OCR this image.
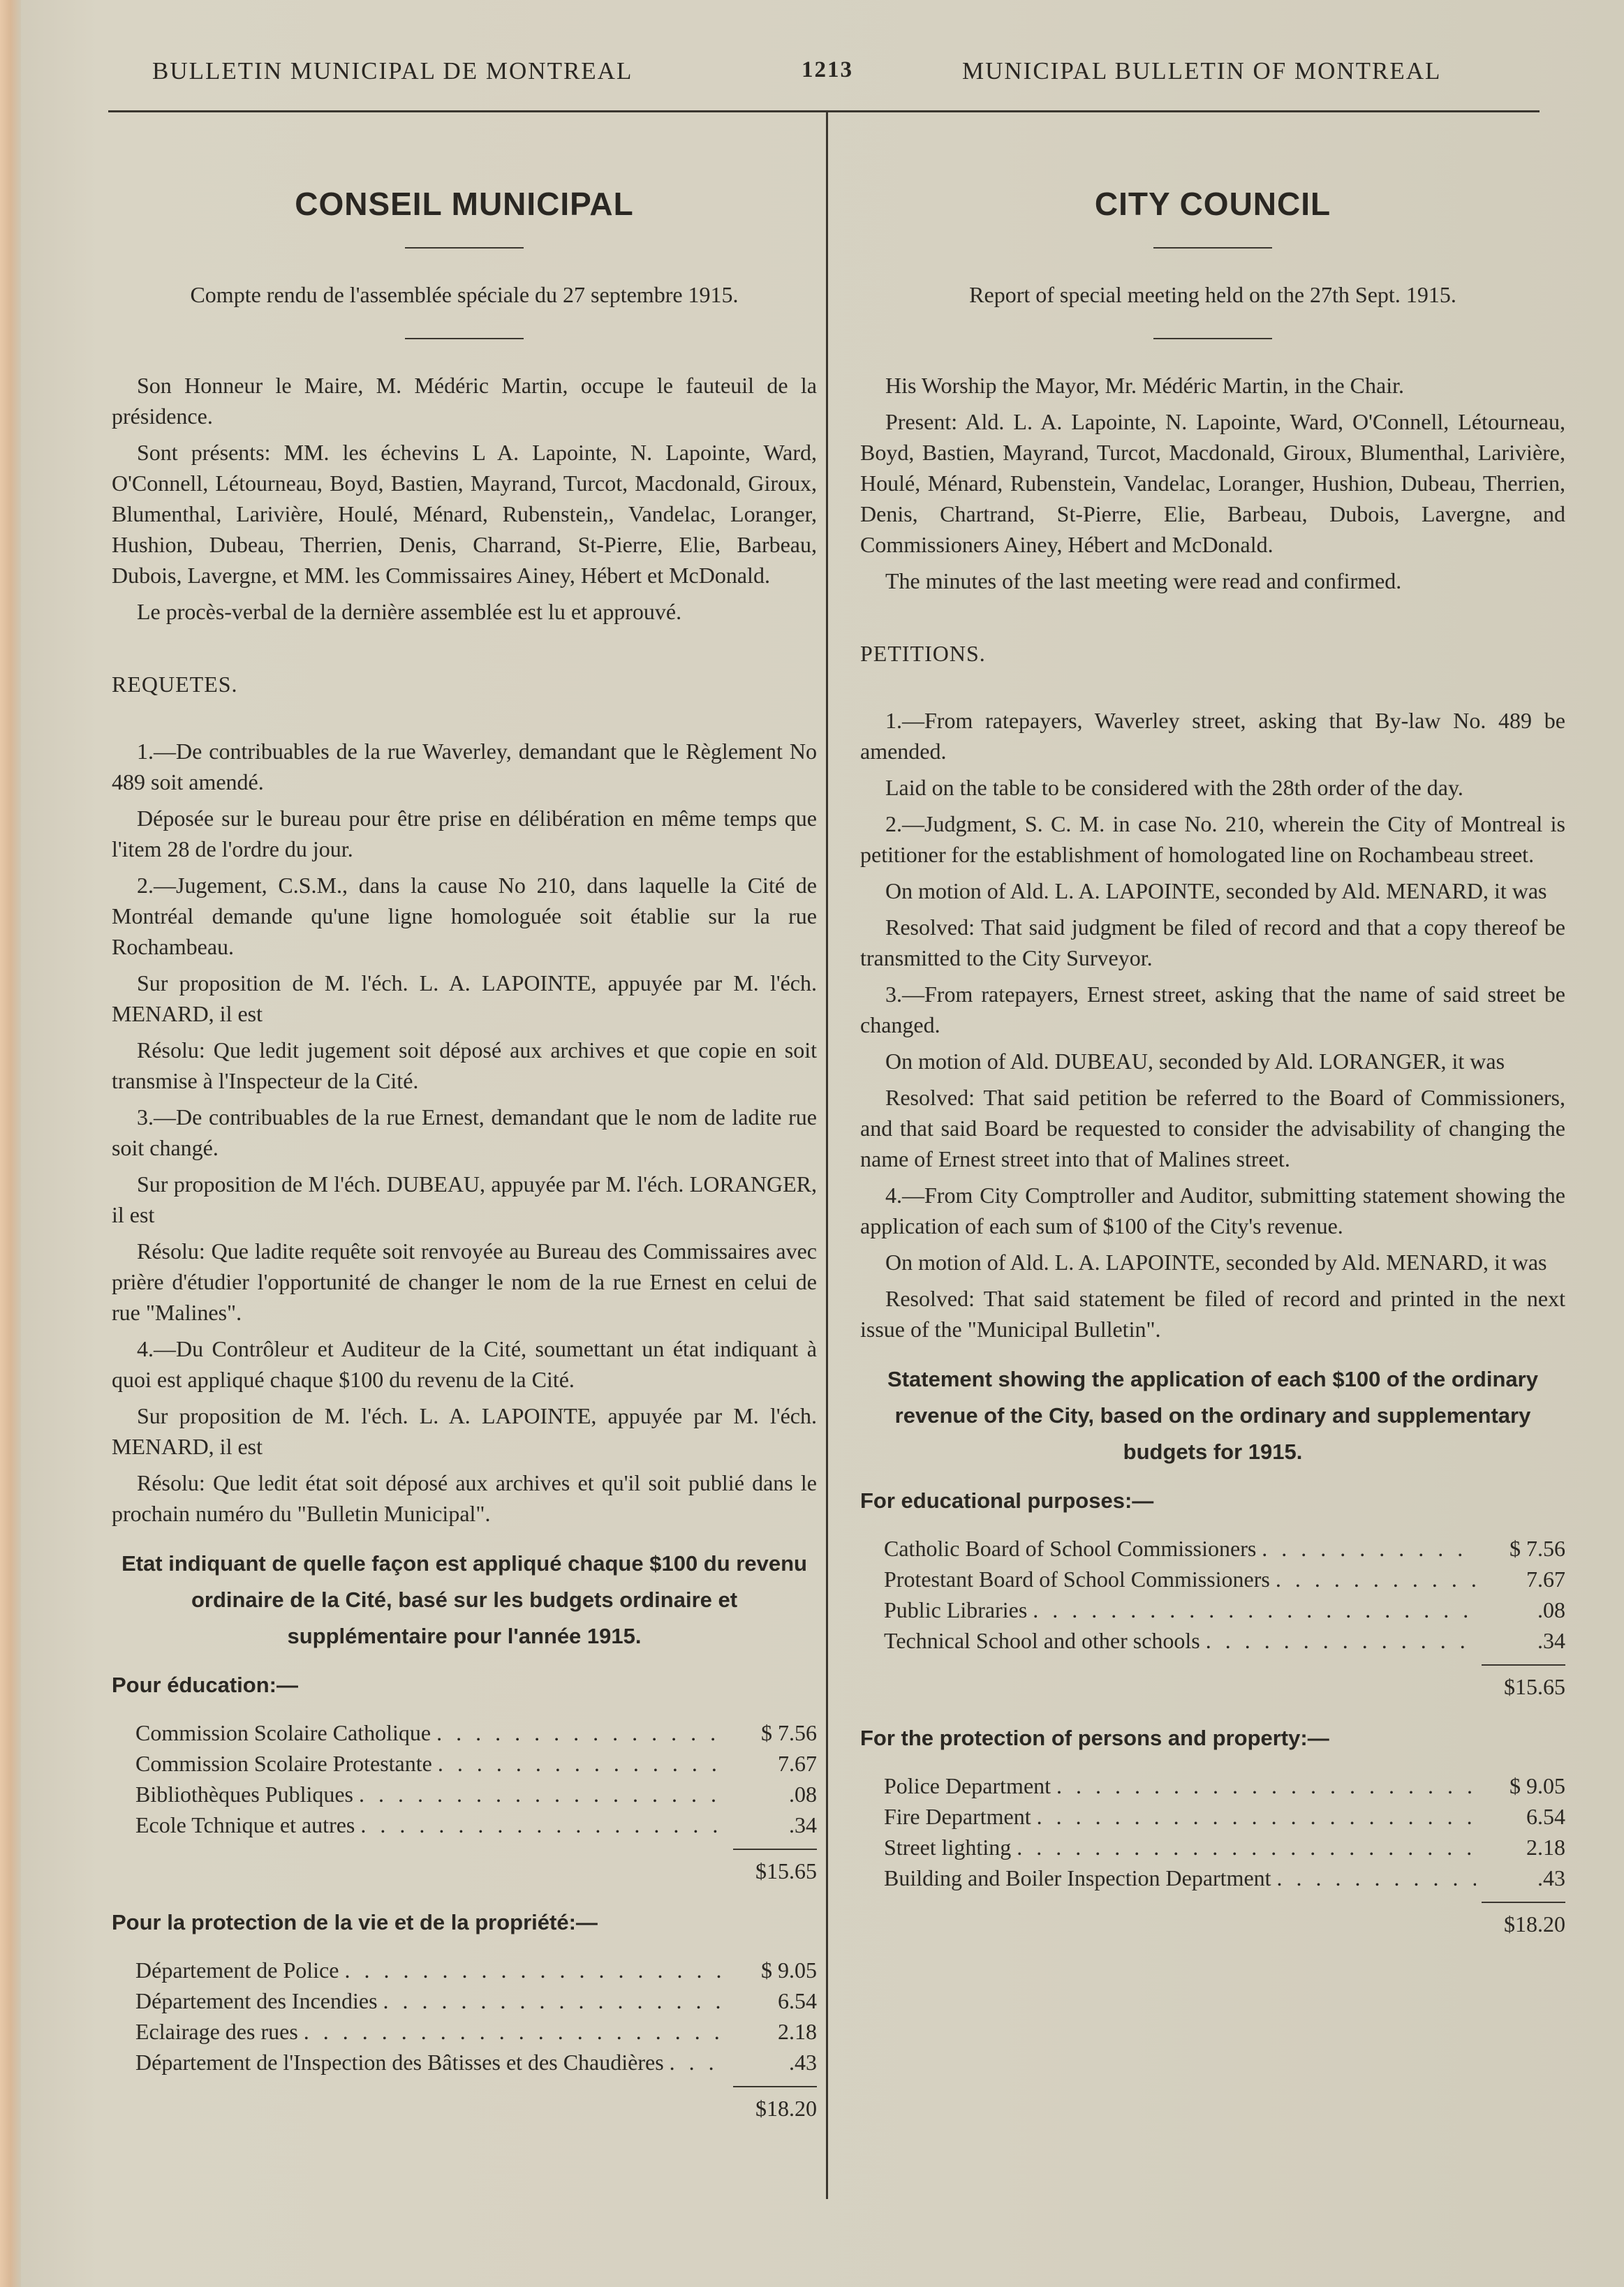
BULLETIN MUNICIPAL DE MONTREAL	1213	MUNICIPAL BULLETIN OF MONTREAL
CONSEIL MUNICIPAL

Compte rendu de l'assemblée spéciale du 27 septembre 1915.

Son Honneur le Maire, M. Médéric Martin, occupe le fauteuil de la présidence.

Sont présents: MM. les échevins L A. Lapointe, N. Lapointe, Ward, O'Connell, Létourneau, Boyd, Bastien, Mayrand, Turcot, Macdonald, Giroux, Blumenthal, Larivière, Houlé, Ménard, Rubenstein,, Vandelac, Loranger, Hushion, Dubeau, Therrien, Denis, Charrand, St-Pierre, Elie, Barbeau, Dubois, Lavergne, et MM. les Commissaires Ainey, Hébert et McDonald.

Le procès-verbal de la dernière assemblée est lu et approuvé.

REQUETES.

1.—De contribuables de la rue Waverley, demandant que le Règlement No 489 soit amendé.

Déposée sur le bureau pour être prise en délibération en même temps que l'item 28 de l'ordre du jour.

2.—Jugement, C.S.M., dans la cause No 210, dans laquelle la Cité de Montréal demande qu'une ligne homologuée soit établie sur la rue Rochambeau.

Sur proposition de M. l'éch. L. A. LAPOINTE, appuyée par M. l'éch. MENARD, il est

Résolu: Que ledit jugement soit déposé aux archives et que copie en soit transmise à l'Inspecteur de la Cité.

3.—De contribuables de la rue Ernest, demandant que le nom de ladite rue soit changé.

Sur proposition de M l'éch. DUBEAU, appuyée par M. l'éch. LORANGER, il est

Résolu: Que ladite requête soit renvoyée au Bureau des Commissaires avec prière d'étudier l'opportunité de changer le nom de la rue Ernest en celui de rue "Malines".

4.—Du Contrôleur et Auditeur de la Cité, soumettant un état indiquant à quoi est appliqué chaque $100 du revenu de la Cité.

Sur proposition de M. l'éch. L. A. LAPOINTE, appuyée par M. l'éch. MENARD, il est

Résolu: Que ledit état soit déposé aux archives et qu'il soit publié dans le prochain numéro du "Bulletin Municipal".

Etat indiquant de quelle façon est appliqué chaque $100 du revenu ordinaire de la Cité, basé sur les budgets ordinaire et supplémentaire pour l'année 1915.
Pour éducation:—
Commission Scolaire Catholique . . .	$ 7.56
Commission Scolaire Protestante . . .	7.67
Bibliothèques Publiques . . .	.08
Ecole Tchnique et autres . . .	.34
$15.65
Pour la protection de la vie et de la propriété:—
Département de Police . . .	$ 9.05
Département des Incendies . . .	6.54
Eclairage des rues . . .	2.18
Département de l'Inspection des Bâtisses et des Chaudières . . .	.43
$18.20
CITY COUNCIL

Report of special meeting held on the 27th Sept. 1915.

His Worship the Mayor, Mr. Médéric Martin, in the Chair.

Present: Ald. L. A. Lapointe, N. Lapointe, Ward, O'Connell, Létourneau, Boyd, Bastien, Mayrand, Turcot, Macdonald, Giroux, Blumenthal, Larivière, Houlé, Ménard, Rubenstein, Vandelac, Loranger, Hushion, Dubeau, Therrien, Denis, Chartrand, St-Pierre, Elie, Barbeau, Dubois, Lavergne, and Commissioners Ainey, Hébert and McDonald.

The minutes of the last meeting were read and confirmed.

PETITIONS.

1.—From ratepayers, Waverley street, asking that By-law No. 489 be amended.

Laid on the table to be considered with the 28th order of the day.

2.—Judgment, S. C. M. in case No. 210, wherein the City of Montreal is petitioner for the establishment of homologated line on Rochambeau street.

On motion of Ald. L. A. LAPOINTE, seconded by Ald. MENARD, it was

Resolved: That said judgment be filed of record and that a copy thereof be transmitted to the City Surveyor.

3.—From ratepayers, Ernest street, asking that the name of said street be changed.

On motion of Ald. DUBEAU, seconded by Ald. LORANGER, it was

Resolved: That said petition be referred to the Board of Commissioners, and that said Board be requested to consider the advisability of changing the name of Ernest street into that of Malines street.

4.—From City Comptroller and Auditor, submitting statement showing the application of each sum of $100 of the City's revenue.

On motion of Ald. L. A. LAPOINTE, seconded by Ald. MENARD, it was

Resolved: That said statement be filed of record and printed in the next issue of the "Municipal Bulletin".

Statement showing the application of each $100 of the ordinary revenue of the City, based on the ordinary and supplementary budgets for 1915.
For educational purposes:—
Catholic Board of School Commissioners . . .	$ 7.56
Protestant Board of School Commissioners . . .	7.67
Public Libraries . . .	.08
Technical School and other schools . . .	.34
$15.65
For the protection of persons and property:—
Police Department . . .	$ 9.05
Fire Department . . .	6.54
Street lighting . . .	2.18
Building and Boiler Inspection Department . . .	.43
$18.20
